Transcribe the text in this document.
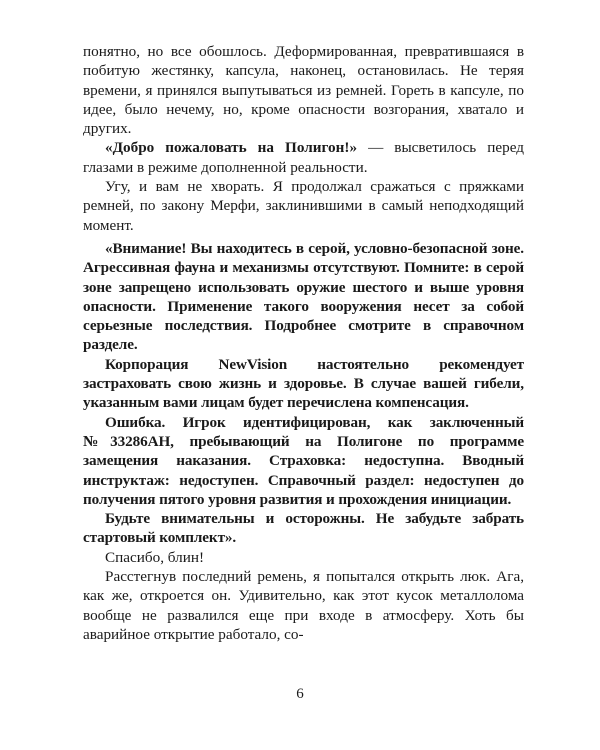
понятно, но все обошлось. Деформированная, превратившаяся в побитую жестянку, капсула, наконец, остановилась. Не теряя времени, я принялся выпутываться из ремней. Гореть в капсуле, по идее, было нечему, но, кроме опасности возгорания, хватало и других.

«Добро пожаловать на Полигон!» — высветилось перед глазами в режиме дополненной реальности.

Угу, и вам не хворать. Я продолжал сражаться с пряжками ремней, по закону Мерфи, заклинившими в самый неподходящий момент.

«Внимание! Вы находитесь в серой, условно-безопасной зоне. Агрессивная фауна и механизмы отсутствуют. Помните: в серой зоне запрещено использовать оружие шестого и выше уровня опасности. Применение такого вооружения несет за собой серьезные последствия. Подробнее смотрите в справочном разделе.

Корпорация NewVision настоятельно рекомендует застраховать свою жизнь и здоровье. В случае вашей гибели, указанным вами лицам будет перечислена компенсация.

Ошибка. Игрок идентифицирован, как заключенный №33286АН, пребывающий на Полигоне по программе замещения наказания. Страховка: недоступна. Вводный инструктаж: недоступен. Справочный раздел: недоступен до получения пятого уровня развития и прохождения инициации.

Будьте внимательны и осторожны. Не забудьте забрать стартовый комплект».

Спасибо, блин!

Расстегнув последний ремень, я попытался открыть люк. Ага, как же, откроется он. Удивительно, как этот кусок металлолома вообще не развалился еще при входе в атмосферу. Хоть бы аварийное открытие работало, со-

6
